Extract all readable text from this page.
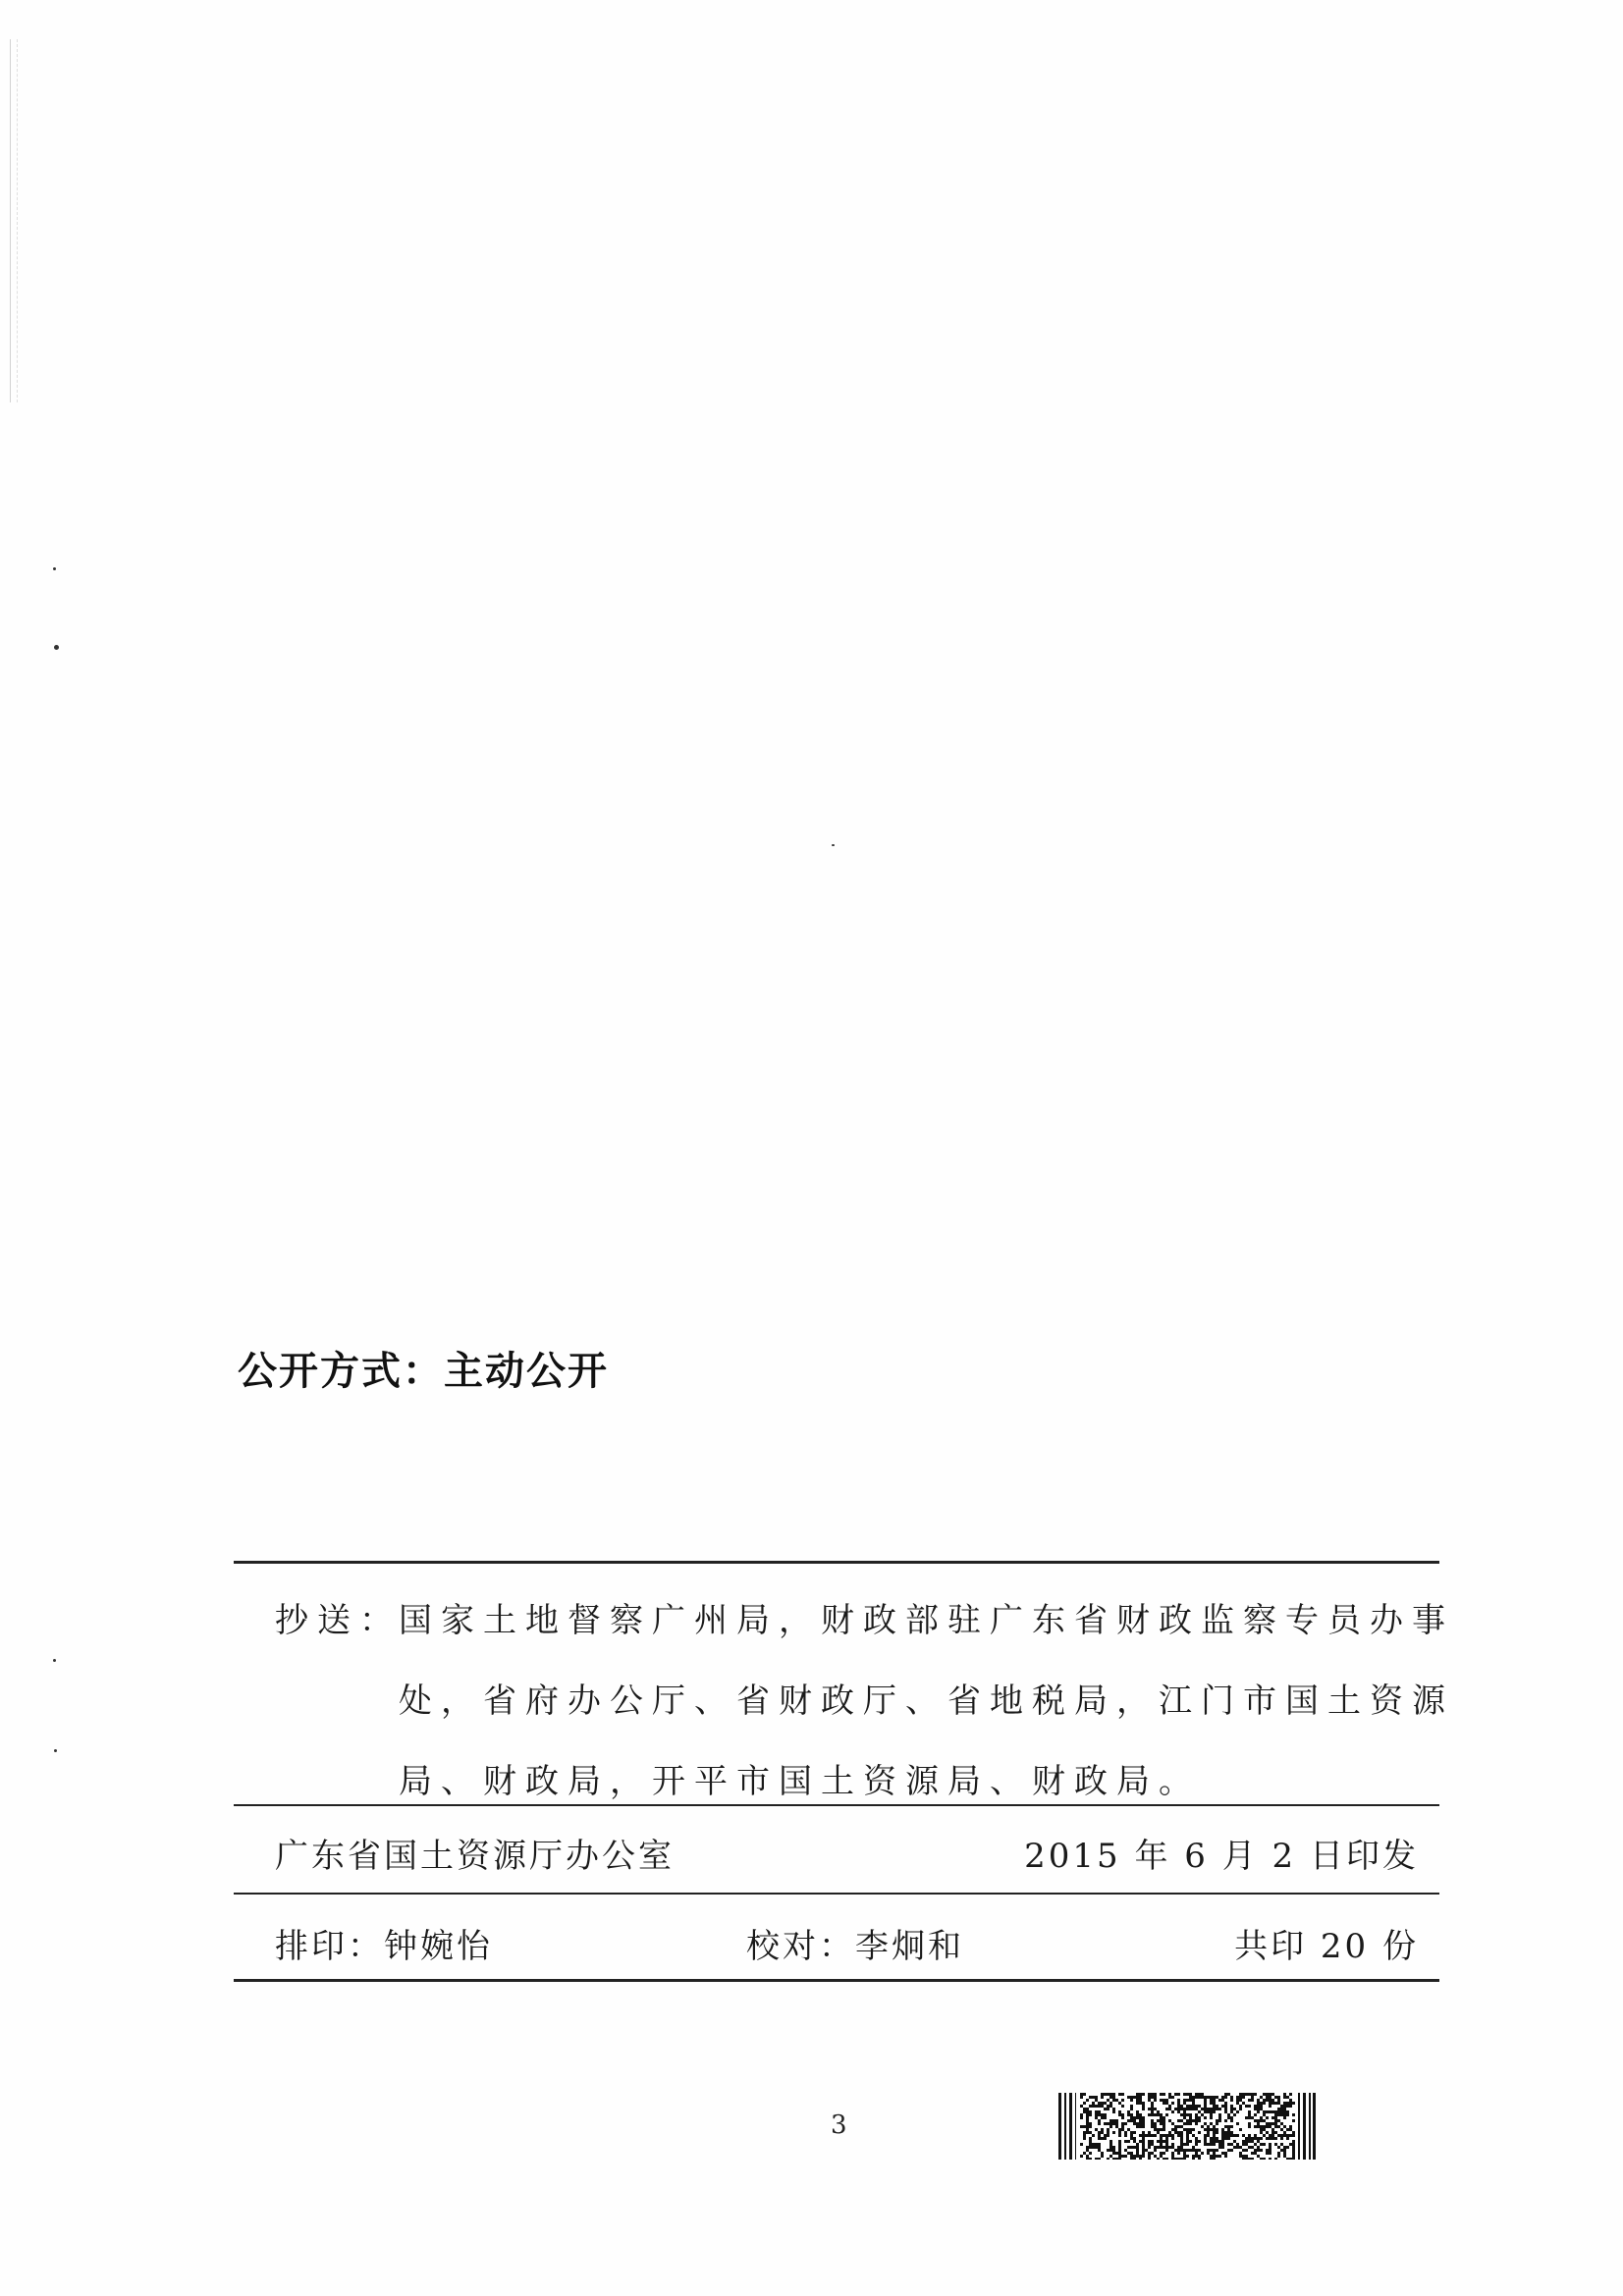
公开方式：主动公开
抄送：
国家土地督察广州局，财政部驻广东省财政监察专员办事
处，省府办公厅、省财政厅、省地税局，江门市国土资源
局、财政局，开平市国土资源局、财政局。
广东省国土资源厅办公室	2015 年 6 月 2 日印发
排印：钟婉怡	校对：李炯和	共印 20 份
3
